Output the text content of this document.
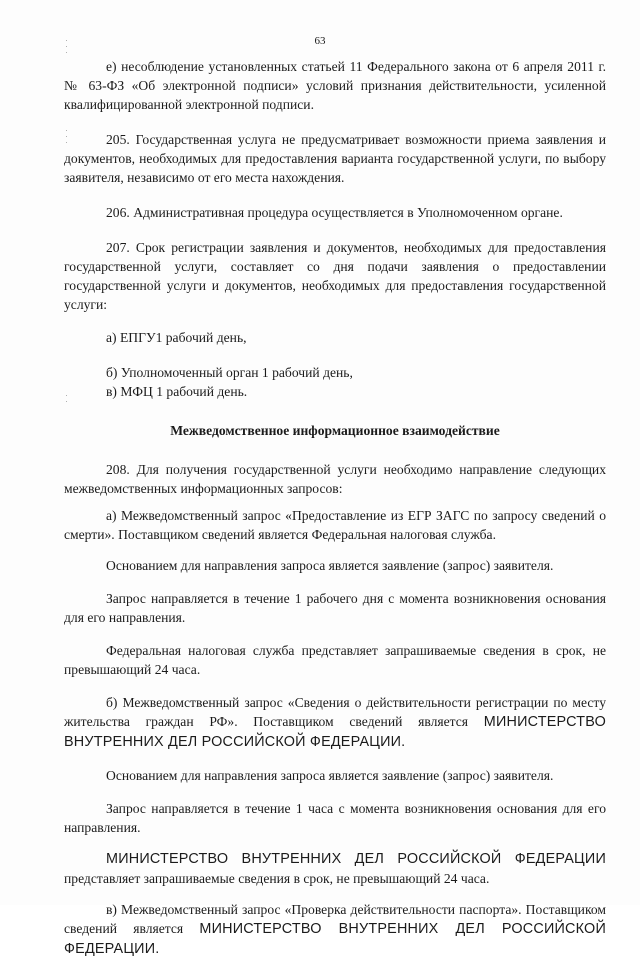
63

е) несоблюдение установленных статьей 11 Федерального закона от 6 апреля 2011 г. № 63-ФЗ «Об электронной подписи» условий признания действительности, усиленной квалифицированной электронной подписи.

205. Государственная услуга не предусматривает возможности приема заявления и документов, необходимых для предоставления варианта государственной услуги, по выбору заявителя, независимо от его места нахождения.

206. Административная процедура осуществляется в Уполномоченном органе.

207. Срок регистрации заявления и документов, необходимых для предоставления государственной услуги, составляет со дня подачи заявления о предоставлении государственной услуги и документов, необходимых для предоставления государственной услуги:

а) ЕПГУ1 рабочий день,

б) Уполномоченный орган 1 рабочий день,

в) МФЦ 1 рабочий день.

Межведомственное информационное взаимодействие

208. Для получения государственной услуги необходимо направление следующих межведомственных информационных запросов:

а) Межведомственный запрос «Предоставление из ЕГР ЗАГС по запросу сведений о смерти». Поставщиком сведений является Федеральная налоговая служба.

Основанием для направления запроса является заявление (запрос) заявителя.

Запрос направляется в течение 1 рабочего дня с момента возникновения основания для его направления.

Федеральная налоговая служба представляет запрашиваемые сведения в срок, не превышающий 24 часа.

б) Межведомственный запрос «Сведения о действительности регистрации по месту жительства граждан РФ». Поставщиком сведений является МИНИСТЕРСТВО ВНУТРЕННИХ ДЕЛ РОССИЙСКОЙ ФЕДЕРАЦИИ.

Основанием для направления запроса является заявление (запрос) заявителя.

Запрос направляется в течение 1 часа с момента возникновения основания для его направления.

МИНИСТЕРСТВО ВНУТРЕННИХ ДЕЛ РОССИЙСКОЙ ФЕДЕРАЦИИ представляет запрашиваемые сведения в срок, не превышающий 24 часа.

в) Межведомственный запрос «Проверка действительности паспорта». Поставщиком сведений является МИНИСТЕРСТВО ВНУТРЕННИХ ДЕЛ РОССИЙСКОЙ ФЕДЕРАЦИИ.
